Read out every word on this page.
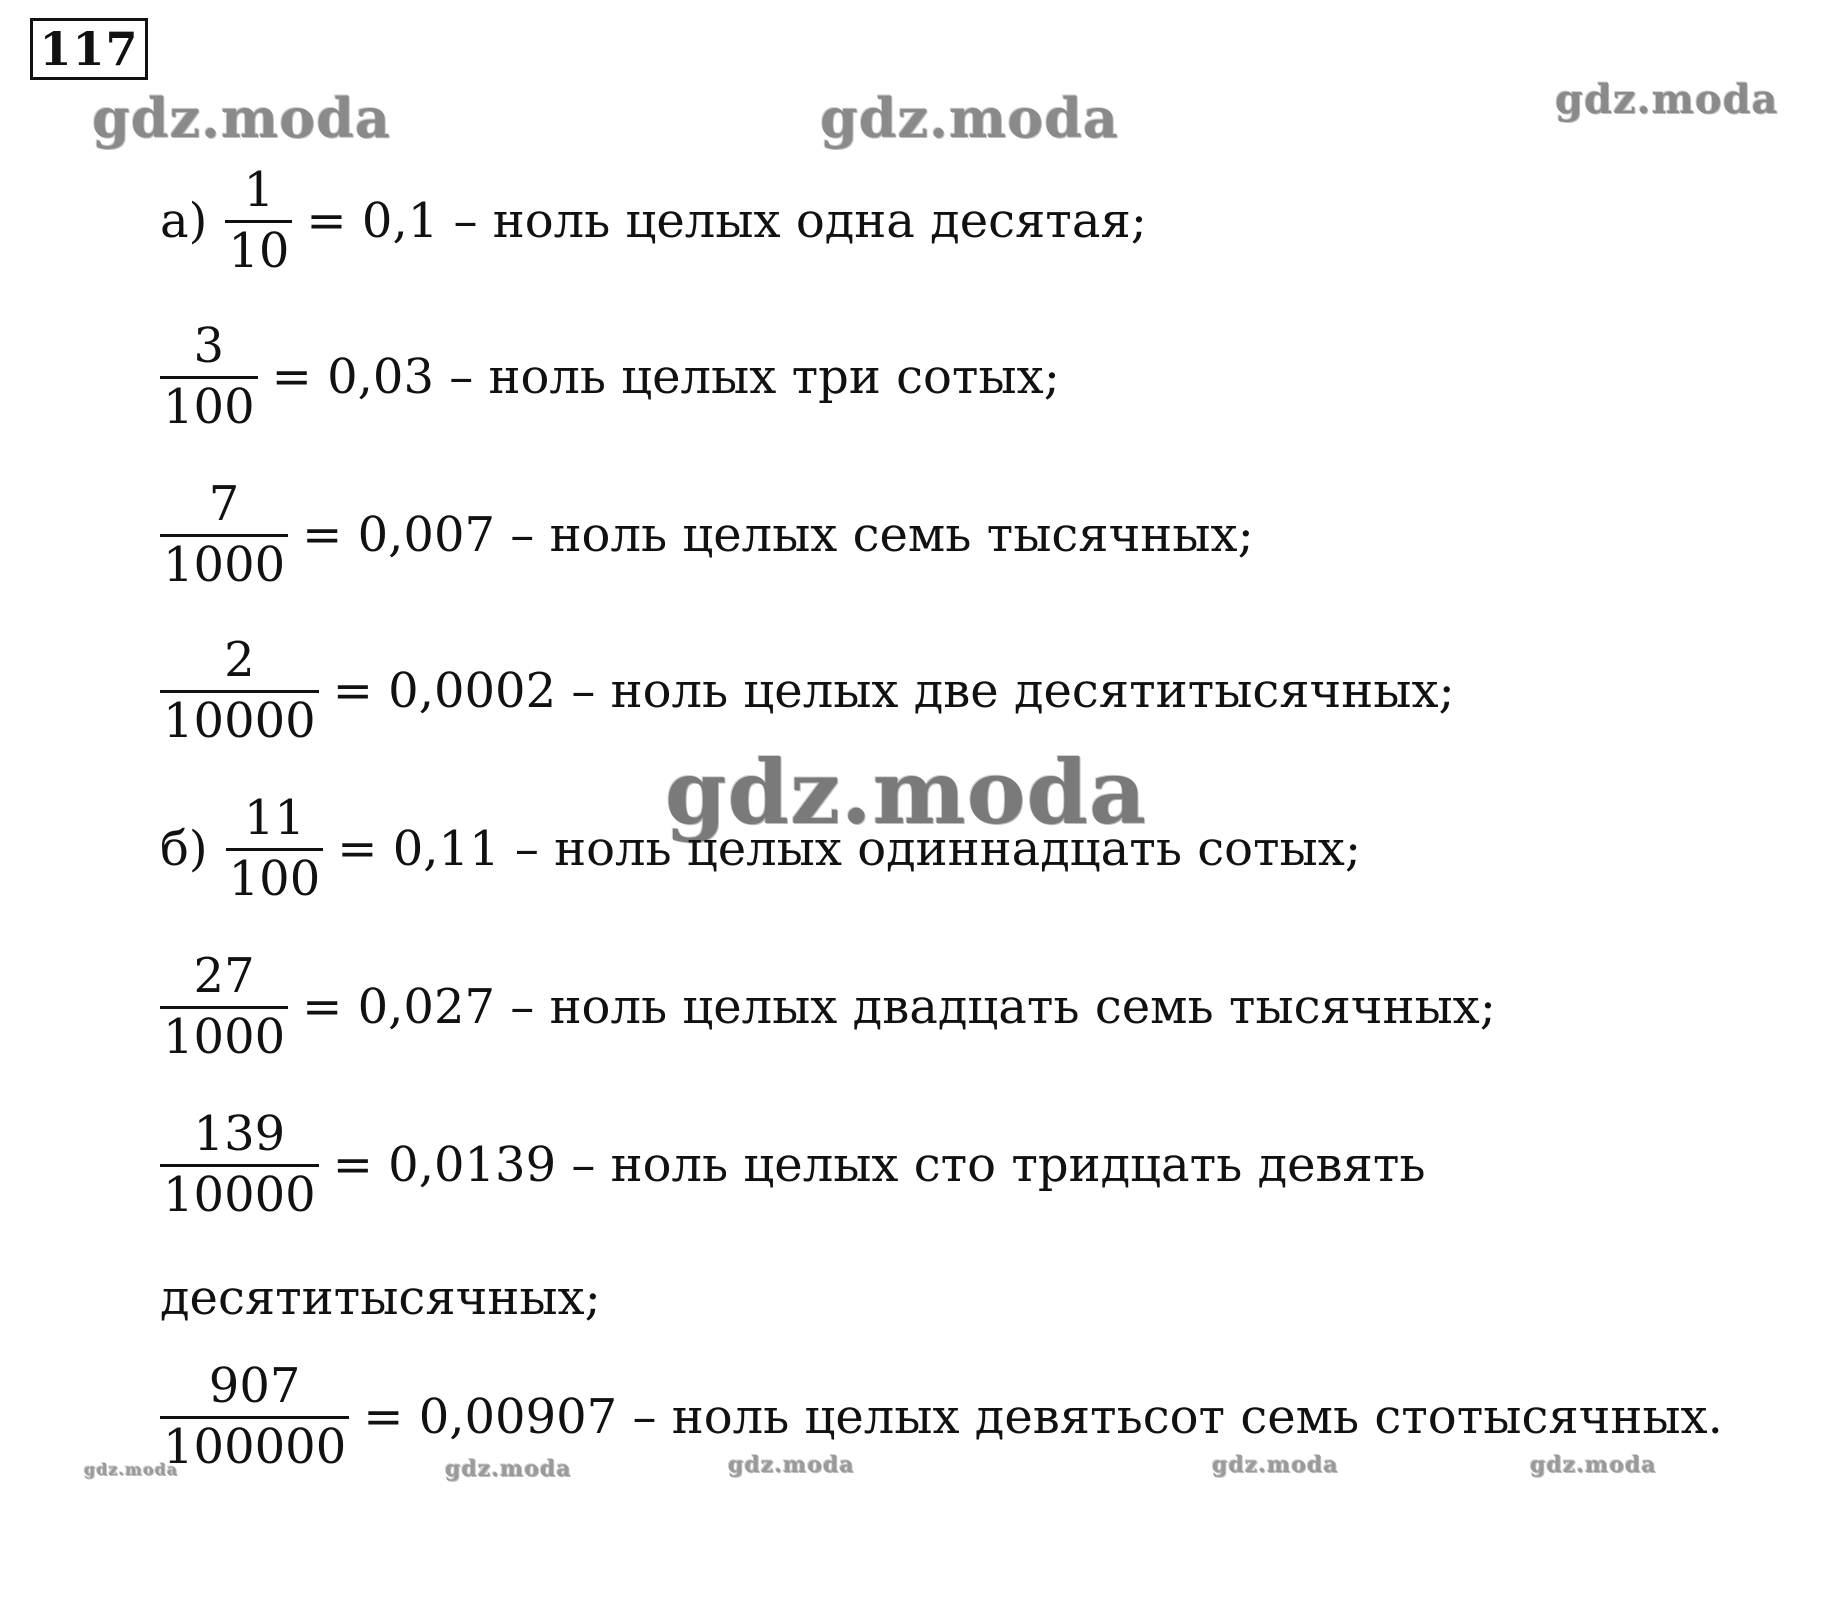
117
gdz.moda	gdz.moda	gdz.moda
gdz.moda
gdz.moda	gdz.moda	gdz.moda	gdz.moda	gdz.moda
$а) \frac{1}{10} = 0,1$ – ноль целых одна десятая;
$\frac{3}{100} = 0,03$ – ноль целых три сотых;
$\frac{7}{1000} = 0,007$ – ноль целых семь тысячных;
$\frac{2}{10000} = 0,0002$ – ноль целых две десятитысячных;
$б) \frac{11}{100} = 0,11$ – ноль целых одиннадцать сотых;
$\frac{27}{1000} = 0,027$ – ноль целых двадцать семь тысячных;
$\frac{139}{10000} = 0,0139$ – ноль целых сто тридцать девять
десятитысячных;
$\frac{907}{100000} = 0,00907$ – ноль целых девятьсот семь стотысячных.
